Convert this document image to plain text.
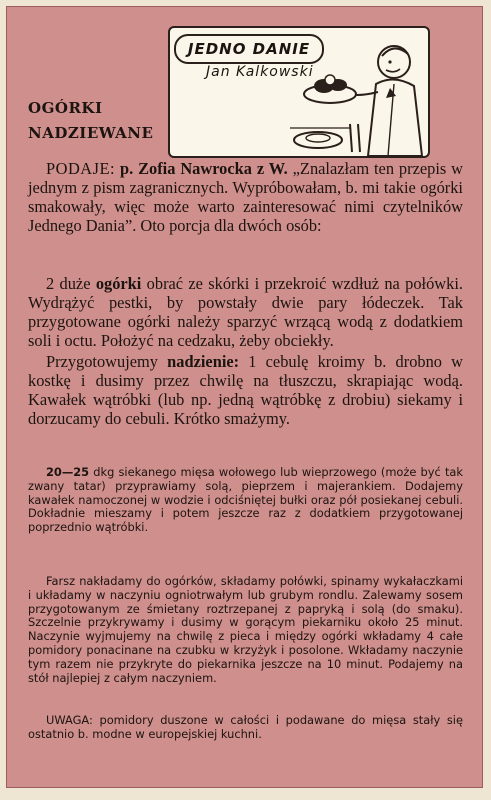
JEDNO DANIE
Jan Kalkowski
OGÓRKI
NADZIEWANE

PODAJE: p. Zofia Nawrocka z W. „Znalazłam ten przepis w jednym z pism zagranicznych. Wypróbowałam, b. mi takie ogórki smakowały, więc może warto zainteresować nimi czytelników Jednego Dania”. Oto porcja dla dwóch osób:

2 duże ogórki obrać ze skórki i przekroić wzdłuż na połówki. Wydrążyć pestki, by powstały dwie pary łódeczek. Tak przygotowane ogórki należy sparzyć wrzącą wodą z dodatkiem soli i octu. Położyć na cedzaku, żeby obciekły.

Przygotowujemy nadzienie: 1 cebulę kroimy b. drobno w kostkę i dusimy przez chwilę na tłuszczu, skrapiając wodą. Kawałek wątróbki (lub np. jedną wątróbkę z drobiu) siekamy i dorzucamy do cebuli. Krótko smażymy.

20—25 dkg siekanego mięsa wołowego lub wieprzowego (może być tak zwany tatar) przyprawiamy solą, pieprzem i majerankiem. Dodajemy kawałek namoczonej w wodzie i odciśniętej bułki oraz pół posiekanej cebuli. Dokładnie mieszamy i potem jeszcze raz z dodatkiem przygotowanej poprzednio wątróbki.

Farsz nakładamy do ogórków, składamy połówki, spinamy wykałaczkami i układamy w naczyniu ogniotrwałym lub grubym rondlu. Zalewamy sosem przygotowanym ze śmietany roztrzepanej z papryką i solą (do smaku). Szczelnie przykrywamy i dusimy w gorącym piekarniku około 25 minut. Naczynie wyjmujemy na chwilę z pieca i między ogórki wkładamy 4 całe pomidory ponacinane na czubku w krzyżyk i posolone. Wkładamy naczynie tym razem nie przykryte do piekarnika jeszcze na 10 minut. Podajemy na stół najlepiej z całym naczyniem.

UWAGA: pomidory duszone w całości i podawane do mięsa stały się ostatnio b. modne w europejskiej kuchni.
